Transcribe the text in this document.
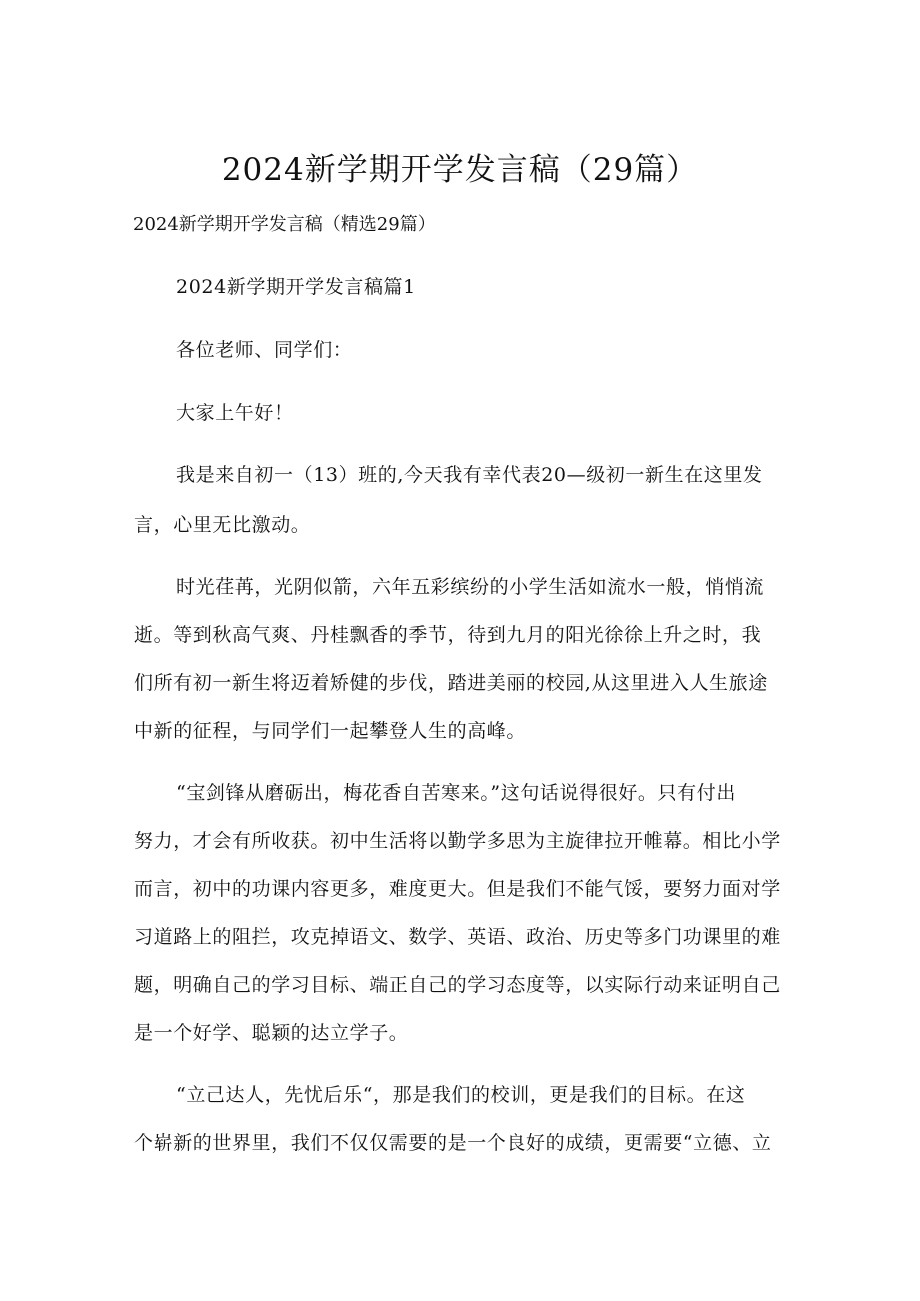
2024新学期开学发言稿（29篇）
2024新学期开学发言稿（精选29篇）
2024新学期开学发言稿篇1
各位老师、同学们：
大家上午好！
我是来自初一（13）班的,今天我有幸代表20—级初一新生在这里发
言，心里无比激动。
时光荏苒，光阴似箭，六年五彩缤纷的小学生活如流水一般，悄悄流
逝。等到秋高气爽、丹桂飘香的季节，待到九月的阳光徐徐上升之时，我
们所有初一新生将迈着矫健的步伐，踏进美丽的校园,从这里进入人生旅途
中新的征程，与同学们一起攀登人生的高峰。
“宝剑锋从磨砺出，梅花香自苦寒来。”这句话说得很好。只有付出
努力，才会有所收获。初中生活将以勤学多思为主旋律拉开帷幕。相比小学
而言，初中的功课内容更多，难度更大。但是我们不能气馁，要努力面对学
习道路上的阻拦，攻克掉语文、数学、英语、政治、历史等多门功课里的难
题，明确自己的学习目标、端正自己的学习态度等，以实际行动来证明自己
是一个好学、聪颖的达立学子。
“立己达人，先忧后乐“，那是我们的校训，更是我们的目标。在这
个崭新的世界里，我们不仅仅需要的是一个良好的成绩，更需要“立德、立
